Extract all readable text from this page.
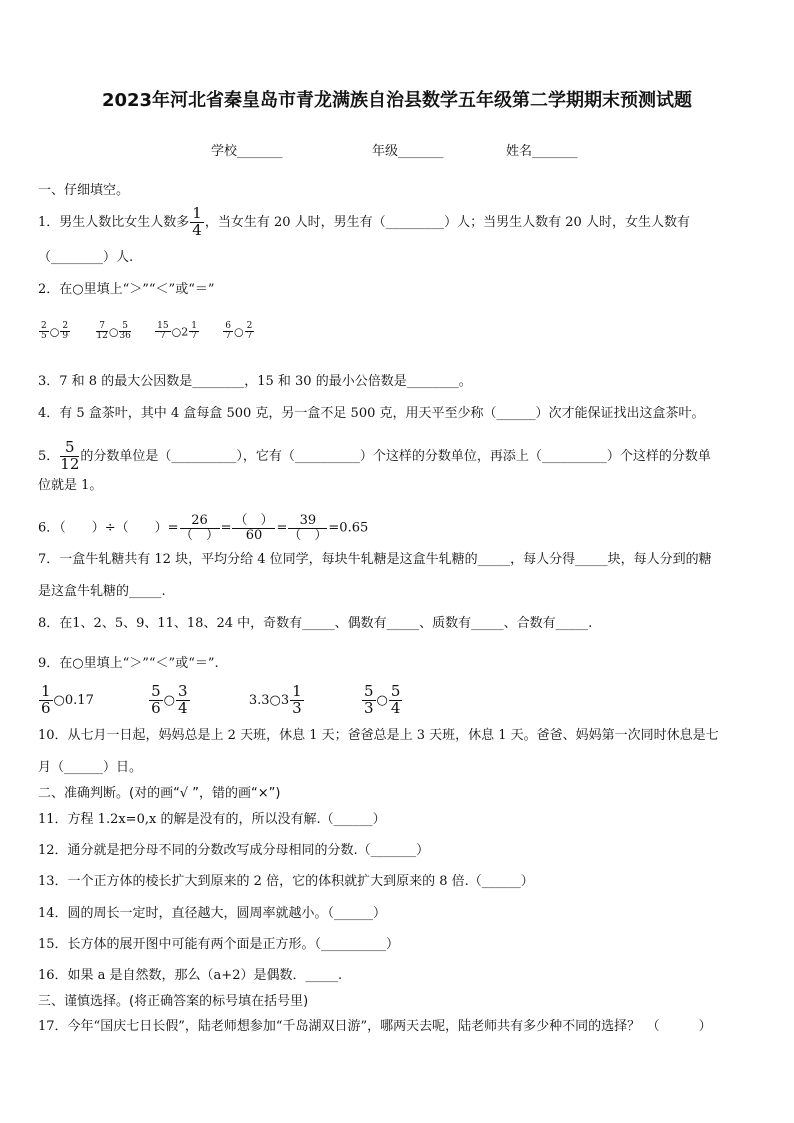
2023年河北省秦皇岛市青龙满族自治县数学五年级第二学期期末预测试题
学校_______	年级_______	姓名_______
一、仔细填空。
1．男生人数比女生人数多 $\frac{1}{4}$ ，当女生有 20 人时，男生有（_________）人；当男生人数有 20 人时，女生人数有
（________）人.
2．在○里填上“＞”“＜”或“＝”
$\frac{2}{5}$ ○ $\frac{2}{9}$
	$\frac{7}{12}$ ○ $\frac{5}{36}$
	$\frac{15}{7}$ ○2 $\frac{1}{7}$
	$\frac{6}{7}$ ○ $\frac{2}{7}$
3．7 和 8 的最大公因数是________，15 和 30 的最小公倍数是________。
4．有 5 盒茶叶，其中 4 盒每盒 500 克，另一盒不足 500 克，用天平至少称（______）次才能保证找出这盒茶叶。
5． $\frac{5}{12}$ 的分数单位是（__________），它有（__________）个这样的分数单位，再添上（__________）个这样的分数单
位就是 1。
6．（　　）÷（　　）=
26
（　） =
（　）
60	=
39
（　） =0.65
7．一盒牛轧糖共有 12 块，平均分给 4 位同学，每块牛轧糖是这盒牛轧糖的_____，每人分得_____块，每人分到的糖
是这盒牛轧糖的_____.
8．在1、2、5、9、11、18、24 中，奇数有_____、偶数有_____、质数有_____、合数有_____.
9．在○里填上“＞”“＜”或“＝”.
$\frac{1}{6}$ ○0.17	$\frac{5}{6}$ ○ $\frac{3}{4}$	3.3○3 $\frac{1}{3}$
	$\frac{5}{3}$ ○ $\frac{5}{4}$
10．从七月一日起，妈妈总是上 2 天班，休息 1 天；爸爸总是上 3 天班，休息 1 天。爸爸、妈妈第一次同时休息是七
月（______）日。
二、准确判断。(对的画“√ ”，错的画“×”)
11．方程 1.2x=0,x 的解是没有的，所以没有解.（______）
12．通分就是把分母不同的分数改写成分母相同的分数.（_______）
13．一个正方体的棱长扩大到原来的 2 倍，它的体积就扩大到原来的 8 倍.（______）
14．圆的周长一定时，直径越大，圆周率就越小。（______）
15．长方体的展开图中可能有两个面是正方形。（__________）
16．如果 a 是自然数，那么（a+2）是偶数．_____.
三、谨慎选择。(将正确答案的标号填在括号里)
17．今年“国庆七日长假”，陆老师想参加“千岛湖双日游”，哪两天去呢，陆老师共有多少种不同的选择？　（　　　）
